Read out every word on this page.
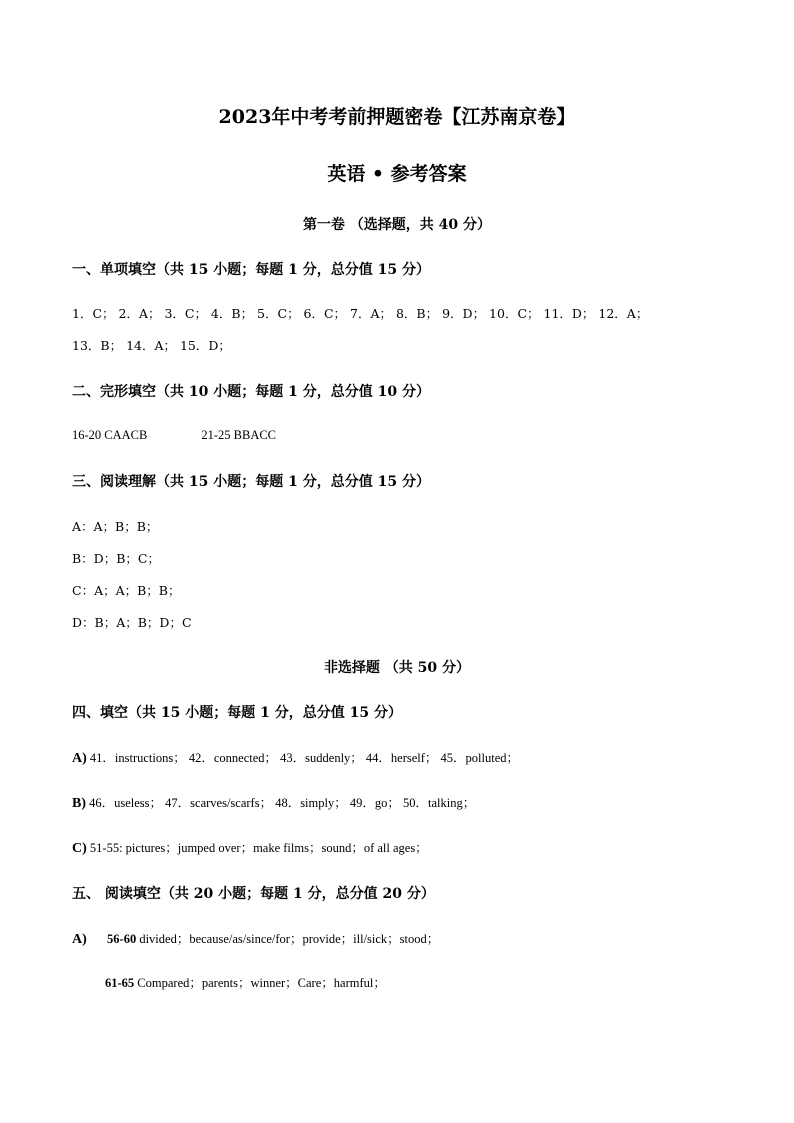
2023年中考考前押题密卷【江苏南京卷】
英语 • 参考答案
第一卷 （选择题，共 40 分）
一、单项填空（共 15 小题；每题 1 分，总分值 15 分）
1．C； 2．A； 3．C； 4．B； 5．C； 6．C； 7．A； 8．B； 9．D； 10．C； 11．D； 12．A；
13．B； 14．A； 15．D；
二、完形填空（共 10 小题；每题 1 分，总分值 10 分）
16-20 CAACB	21-25 BBACC
三、阅读理解（共 15 小题；每题 1 分，总分值 15 分）
A：A；B；B；
B：D；B；C；
C：A；A；B；B；
D：B；A；B；D；C
非选择题 （共 50 分）
四、填空（共 15 小题；每题 1 分，总分值 15 分）
A) 41．instructions； 42．connected； 43．suddenly； 44．herself； 45．polluted；
B) 46．useless； 47．scarves/scarfs； 48．simply； 49．go； 50．talking；
C) 51-55: pictures；jumped over；make films；sound；of all ages；
五、 阅读填空（共 20 小题；每题 1 分，总分值 20 分）
A) 56-60 divided；because/as/since/for；provide；ill/sick；stood；
61-65 Compared；parents；winner；Care；harmful；
